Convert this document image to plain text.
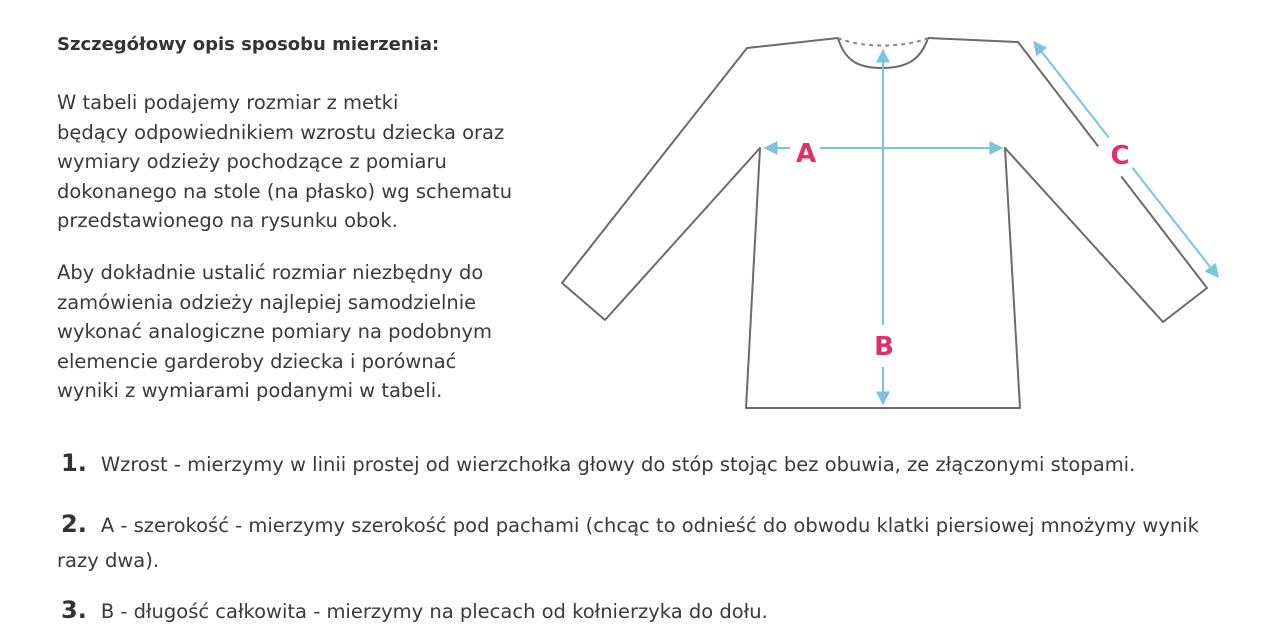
Szczegółowy opis sposobu mierzenia:
W tabeli podajemy rozmiar z metki
będący odpowiednikiem wzrostu dziecka oraz
wymiary odzieży pochodzące z pomiaru
dokonanego na stole (na płasko) wg schematu
przedstawionego na rysunku obok.
Aby dokładnie ustalić rozmiar niezbędny do
zamówienia odzieży najlepiej samodzielnie
wykonać analogiczne pomiary na podobnym
elemencie garderoby dziecka i porównać
wyniki z wymiarami podanymi w tabeli.
A
B
C
1. Wzrost - mierzymy w linii prostej od wierzchołka głowy do stóp stojąc bez obuwia, ze złączonymi stopami.
2. A - szerokość - mierzymy szerokość pod pachami (chcąc to odnieść do obwodu klatki piersiowej mnożymy wynik razy dwa).
3. B - długość całkowita - mierzymy na plecach od kołnierzyka do dołu.
